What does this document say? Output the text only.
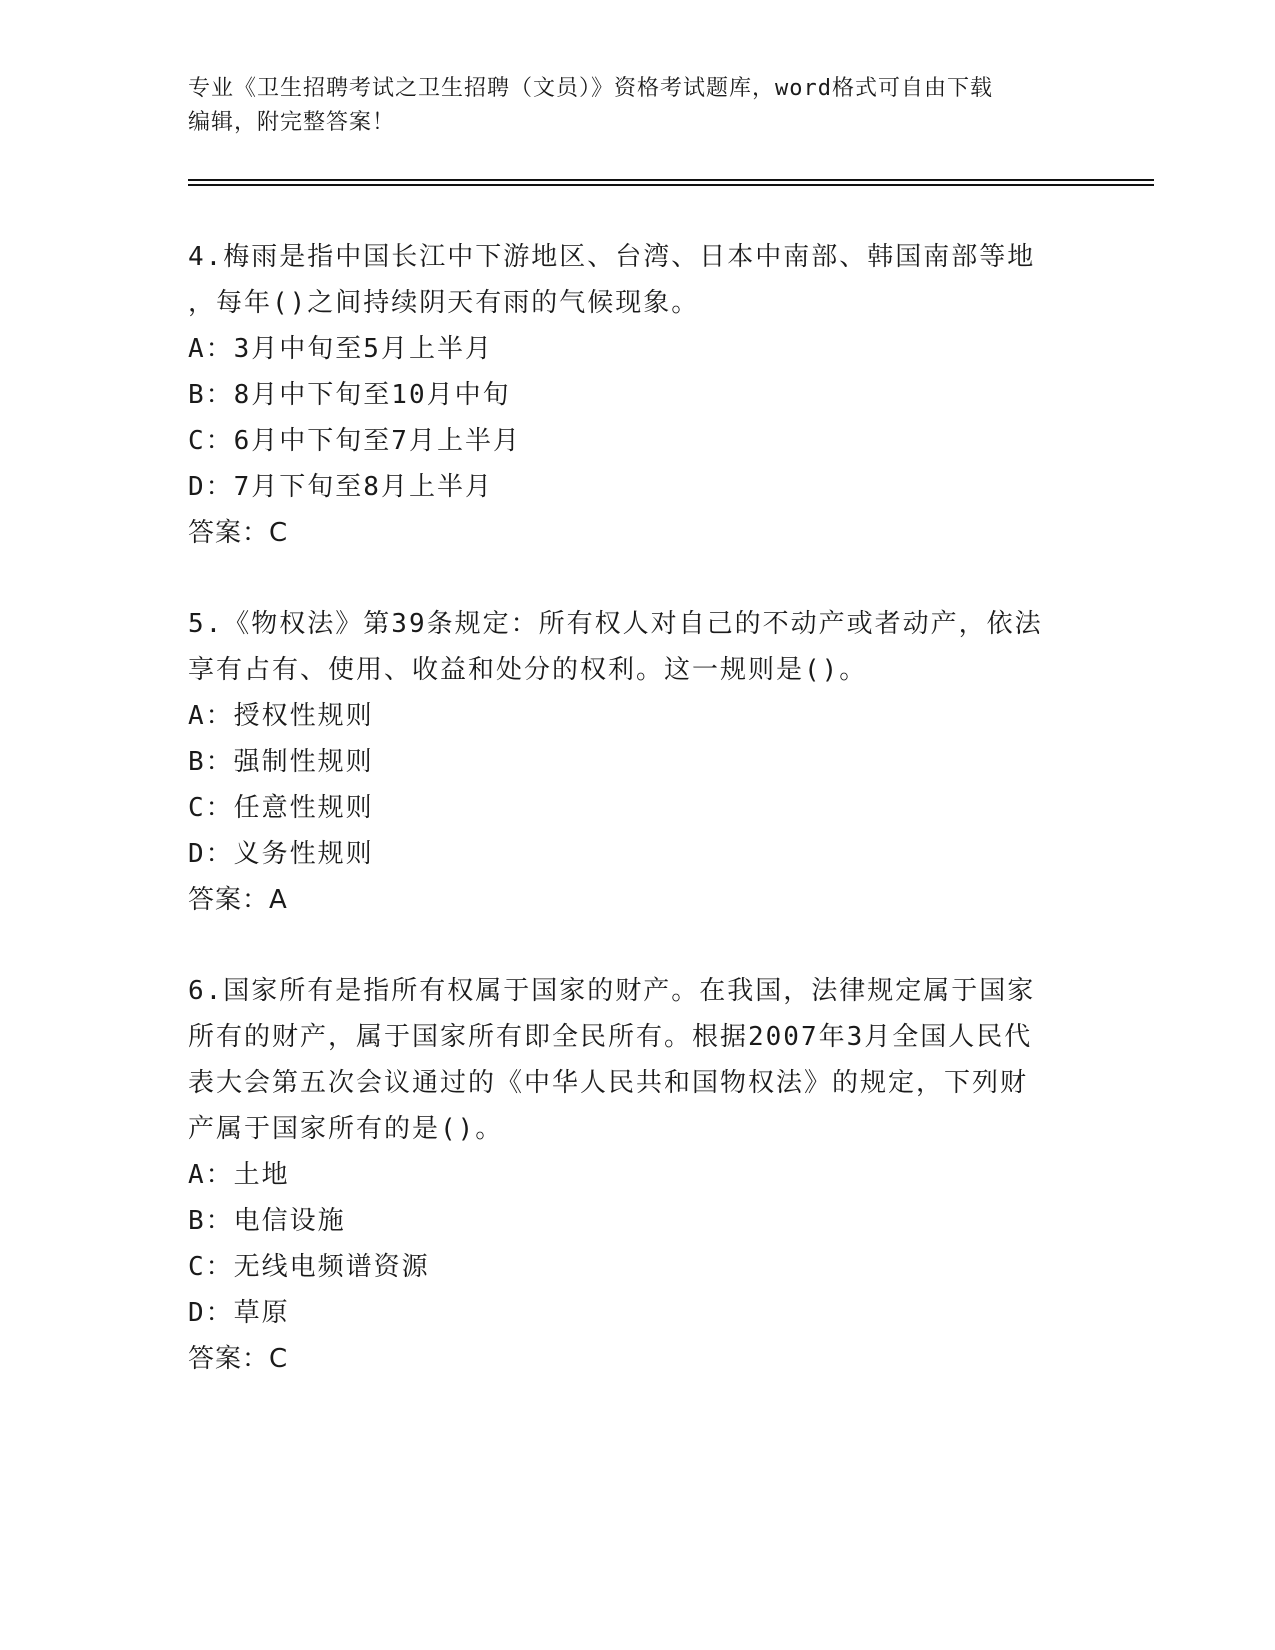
专业《卫生招聘考试之卫生招聘（文员）》资格考试题库，word格式可自由下载
编辑，附完整答案！
4.梅雨是指中国长江中下游地区、台湾、日本中南部、韩国南部等地
，每年()之间持续阴天有雨的气候现象。
A：3月中旬至5月上半月
B：8月中下旬至10月中旬
C：6月中下旬至7月上半月
D：7月下旬至8月上半月
答案：C
5.《物权法》第39条规定：所有权人对自己的不动产或者动产，依法
享有占有、使用、收益和处分的权利。这一规则是()。
A：授权性规则
B：强制性规则
C：任意性规则
D：义务性规则
答案：A
6.国家所有是指所有权属于国家的财产。在我国，法律规定属于国家
所有的财产，属于国家所有即全民所有。根据2007年3月全国人民代
表大会第五次会议通过的《中华人民共和国物权法》的规定，下列财
产属于国家所有的是()。
A：土地
B：电信设施
C：无线电频谱资源
D：草原
答案：C
